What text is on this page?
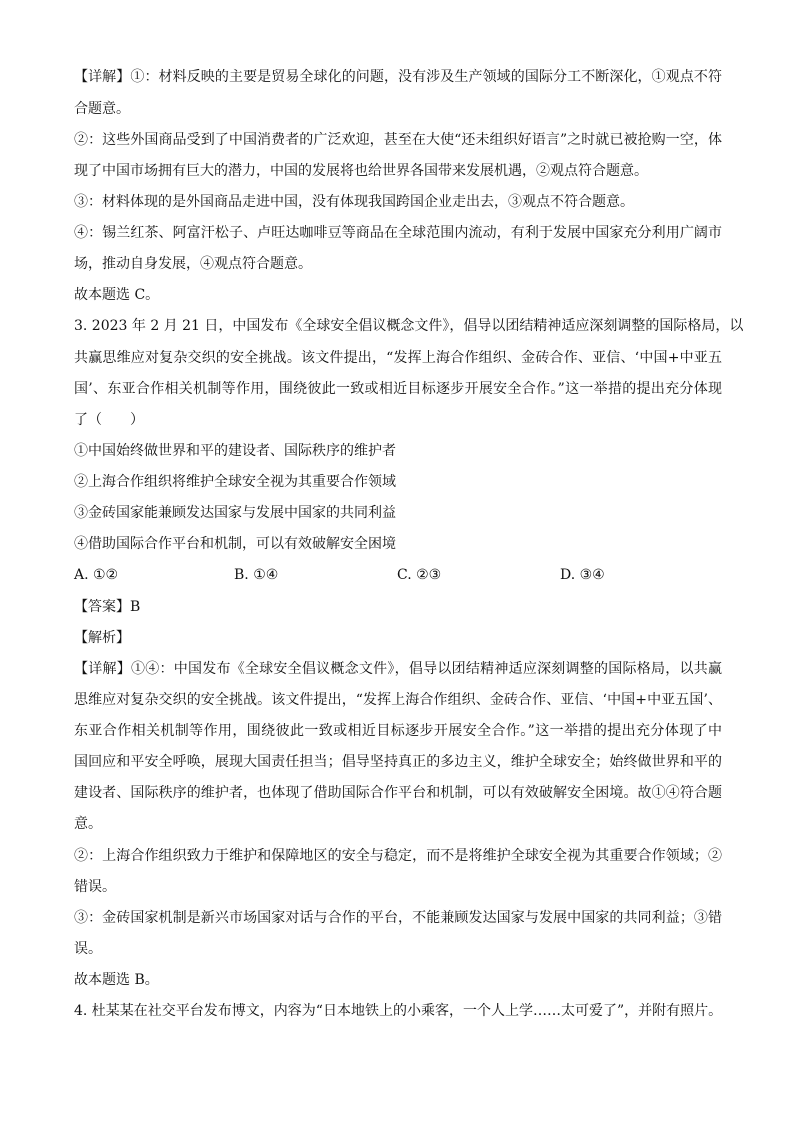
【详解】①：材料反映的主要是贸易全球化的问题，没有涉及生产领域的国际分工不断深化，①观点不符
合题意。
②：这些外国商品受到了中国消费者的广泛欢迎，甚至在大使“还未组织好语言”之时就已被抢购一空，体
现了中国市场拥有巨大的潜力，中国的发展将也给世界各国带来发展机遇，②观点符合题意。
③：材料体现的是外国商品走进中国，没有体现我国跨国企业走出去，③观点不符合题意。
④：锡兰红茶、阿富汗松子、卢旺达咖啡豆等商品在全球范围内流动，有利于发展中国家充分利用广阔市
场，推动自身发展，④观点符合题意。
故本题选 C。
3. 2023 年 2 月 21 日，中国发布《全球安全倡议概念文件》，倡导以团结精神适应深刻调整的国际格局，以
共赢思维应对复杂交织的安全挑战。该文件提出，“发挥上海合作组织、金砖合作、亚信、‘中国+中亚五
国’、东亚合作相关机制等作用，围绕彼此一致或相近目标逐步开展安全合作。”这一举措的提出充分体现
了（　　）
①中国始终做世界和平的建设者、国际秩序的维护者
②上海合作组织将维护全球安全视为其重要合作领域
③金砖国家能兼顾发达国家与发展中国家的共同利益
④借助国际合作平台和机制，可以有效破解安全困境
A. ①②	B. ①④	C. ②③	D. ③④
【答案】B
【解析】
【详解】①④：中国发布《全球安全倡议概念文件》，倡导以团结精神适应深刻调整的国际格局，以共赢
思维应对复杂交织的安全挑战。该文件提出，“发挥上海合作组织、金砖合作、亚信、‘中国+中亚五国’、
东亚合作相关机制等作用，围绕彼此一致或相近目标逐步开展安全合作。”这一举措的提出充分体现了中
国回应和平安全呼唤，展现大国责任担当；倡导坚持真正的多边主义，维护全球安全；始终做世界和平的
建设者、国际秩序的维护者，也体现了借助国际合作平台和机制，可以有效破解安全困境。故①④符合题
意。
②：上海合作组织致力于维护和保障地区的安全与稳定，而不是将维护全球安全视为其重要合作领域；②
错误。
③：金砖国家机制是新兴市场国家对话与合作的平台，不能兼顾发达国家与发展中国家的共同利益；③错
误。
故本题选 B。
4. 杜某某在社交平台发布博文，内容为“日本地铁上的小乘客，一个人上学……太可爱了”，并附有照片。
